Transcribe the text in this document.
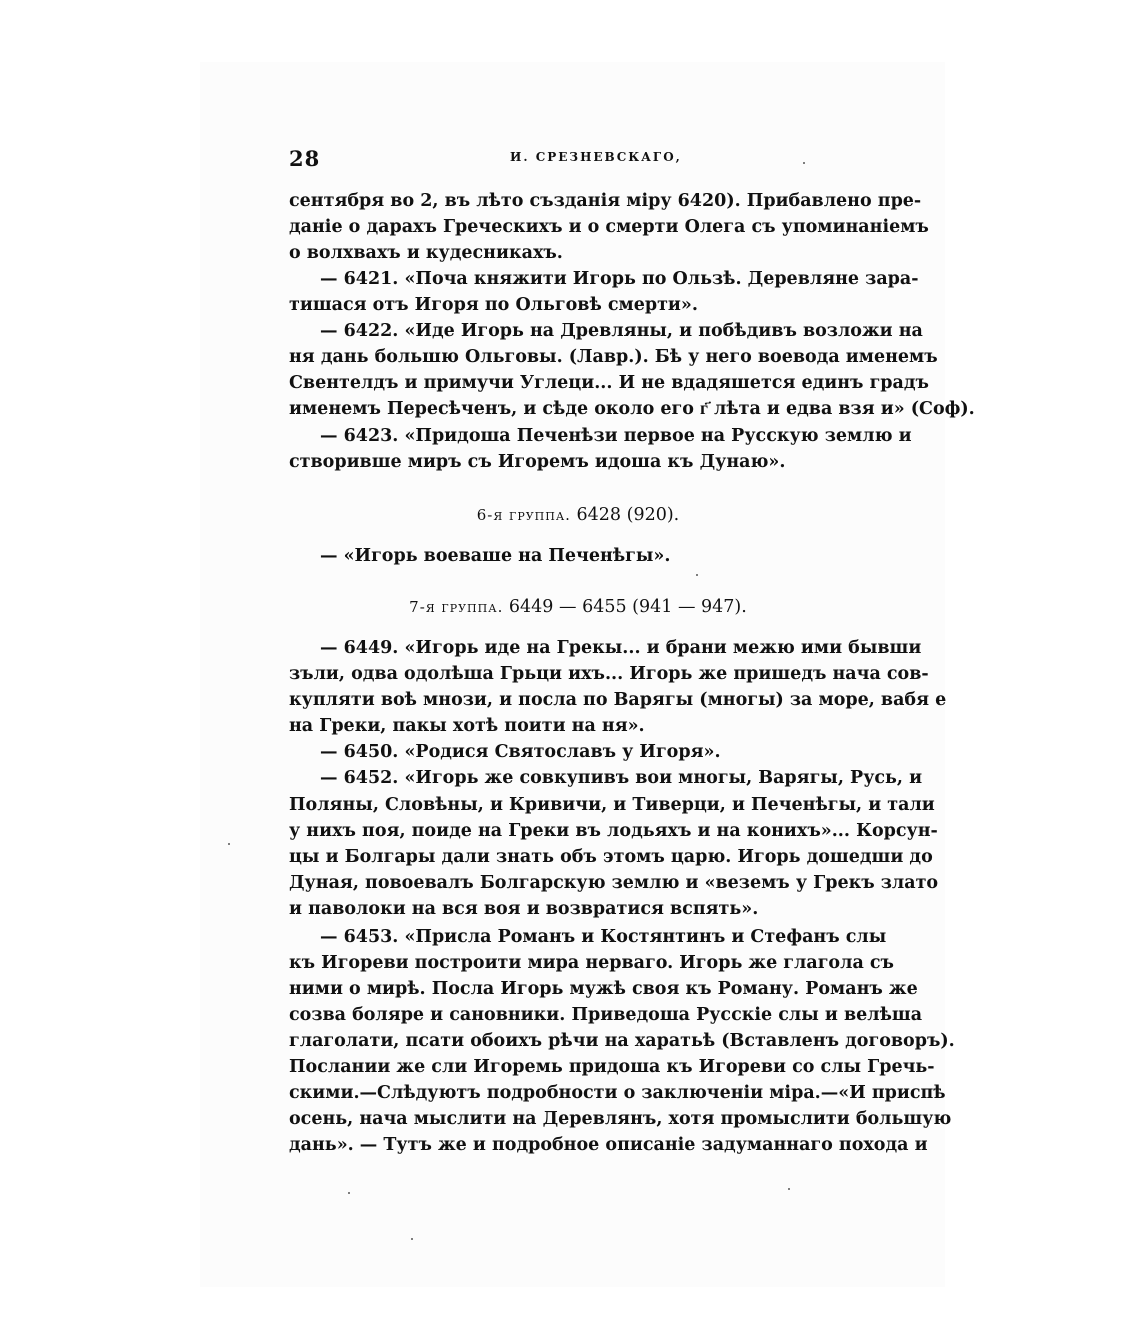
28	И. СРЕЗНЕВСКАГО,
сентября во 2, въ лѣто създанія міру 6420). Прибавлено пре-
даніе о дарахъ Греческихъ и о смерти Олега съ упоминаніемъ
о волхвахъ и кудесникахъ.
— 6421. «Поча княжити Игорь по Ользѣ. Деревляне зара-
тишася отъ Игоря по Ольговѣ смерти».
— 6422. «Иде Игорь на Древляны, и побѣдивъ возложи на
ня дань большю Ольговы. (Лавр.). Бѣ у него воевода именемъ
Свентелдъ и примучи Углеци... И не вдадяшется единъ градъ
именемъ Пересѣченъ, и сѣде около его г҃ лѣта и едва взя и» (Соф).
— 6423. «Придоша Печенѣзи первое на Русскую землю и
створивше миръ съ Игоремъ идоша къ Дунаю».
6-я группа. 6428 (920).
— «Игорь воеваше на Печенѣгы».
7-я группа. 6449 — 6455 (941 — 947).
— 6449. «Игорь иде на Грекы... и брани межю ими бывши
зъли, одва одолѣша Грьци ихъ... Игорь же пришедъ нача сов-
купляти воѣ мнози, и посла по Варягы (многы) за море, вабя е
на Греки, пакы хотѣ поити на ня».
— 6450. «Родися Святославъ у Игоря».
— 6452. «Игорь же совкупивъ вои многы, Варягы, Русь, и
Поляны, Словѣны, и Кривичи, и Тиверци, и Печенѣгы, и тали
у нихъ поя, поиде на Греки въ лодьяхъ и на конихъ»... Корсун-
цы и Болгары дали знать объ этомъ царю. Игорь дошедши до
Дуная, повоевалъ Болгарскую землю и «веземъ у Грекъ злато
и паволоки на вся воя и возвратися вспять».
— 6453. «Присла Романъ и Костянтинъ и Стефанъ слы
къ Игореви построити мира нервагo. Игорь же глагола съ
ними о мирѣ. Посла Игорь мужѣ своя къ Роману. Романъ же
созва боляре и сановники. Приведоша Русскіе слы и велѣша
глаголати, псати обоихъ рѣчи на харатьѣ (Вставленъ договоръ).
Послании же сли Игоремь придоша къ Игореви со слы Гречь-
скими.—Слѣдуютъ подробности о заключеніи міра.—«И приспѣ
осень, нача мыслити на Деревлянъ, хотя промыслити большую
дань». — Тутъ же и подробное описаніе задуманнаго похода и
